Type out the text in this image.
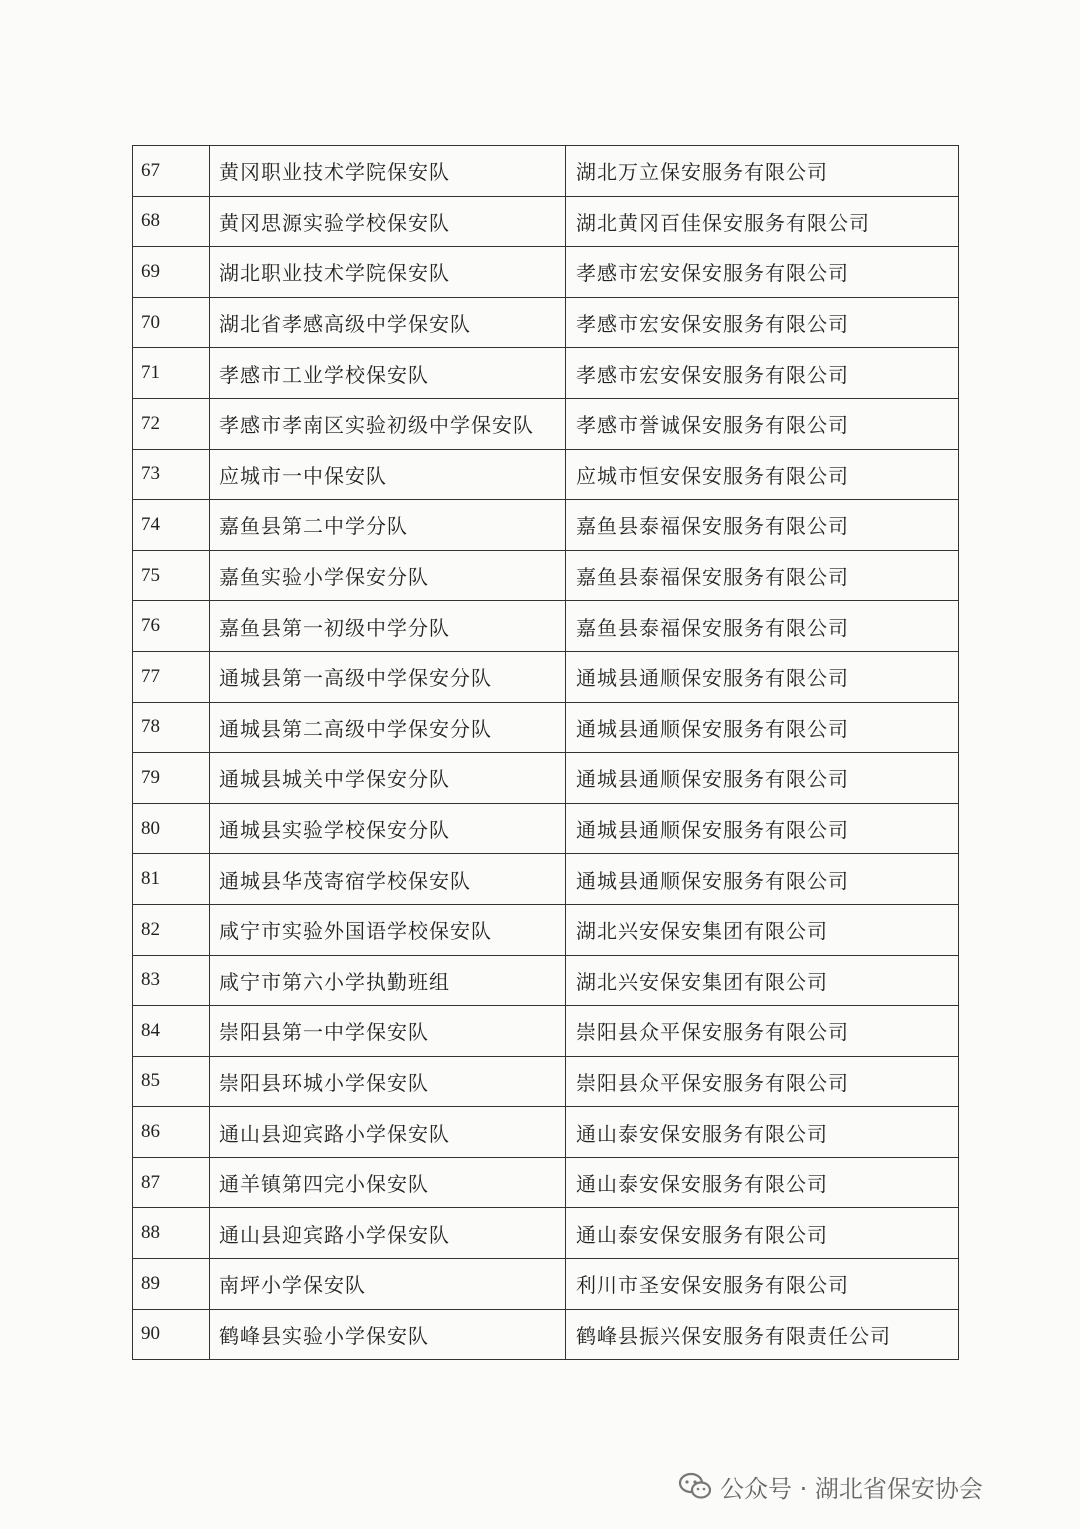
67	黄冈职业技术学院保安队	湖北万立保安服务有限公司
68	黄冈思源实验学校保安队	湖北黄冈百佳保安服务有限公司
69	湖北职业技术学院保安队	孝感市宏安保安服务有限公司
70	湖北省孝感高级中学保安队	孝感市宏安保安服务有限公司
71	孝感市工业学校保安队	孝感市宏安保安服务有限公司
72	孝感市孝南区实验初级中学保安队	孝感市誉诚保安服务有限公司
73	应城市一中保安队	应城市恒安保安服务有限公司
74	嘉鱼县第二中学分队	嘉鱼县泰福保安服务有限公司
75	嘉鱼实验小学保安分队	嘉鱼县泰福保安服务有限公司
76	嘉鱼县第一初级中学分队	嘉鱼县泰福保安服务有限公司
77	通城县第一高级中学保安分队	通城县通顺保安服务有限公司
78	通城县第二高级中学保安分队	通城县通顺保安服务有限公司
79	通城县城关中学保安分队	通城县通顺保安服务有限公司
80	通城县实验学校保安分队	通城县通顺保安服务有限公司
81	通城县华茂寄宿学校保安队	通城县通顺保安服务有限公司
82	咸宁市实验外国语学校保安队	湖北兴安保安集团有限公司
83	咸宁市第六小学执勤班组	湖北兴安保安集团有限公司
84	崇阳县第一中学保安队	崇阳县众平保安服务有限公司
85	崇阳县环城小学保安队	崇阳县众平保安服务有限公司
86	通山县迎宾路小学保安队	通山泰安保安服务有限公司
87	通羊镇第四完小保安队	通山泰安保安服务有限公司
88	通山县迎宾路小学保安队	通山泰安保安服务有限公司
89	南坪小学保安队	利川市圣安保安服务有限公司
90	鹤峰县实验小学保安队	鹤峰县振兴保安服务有限责任公司
公众号 · 湖北省保安协会
